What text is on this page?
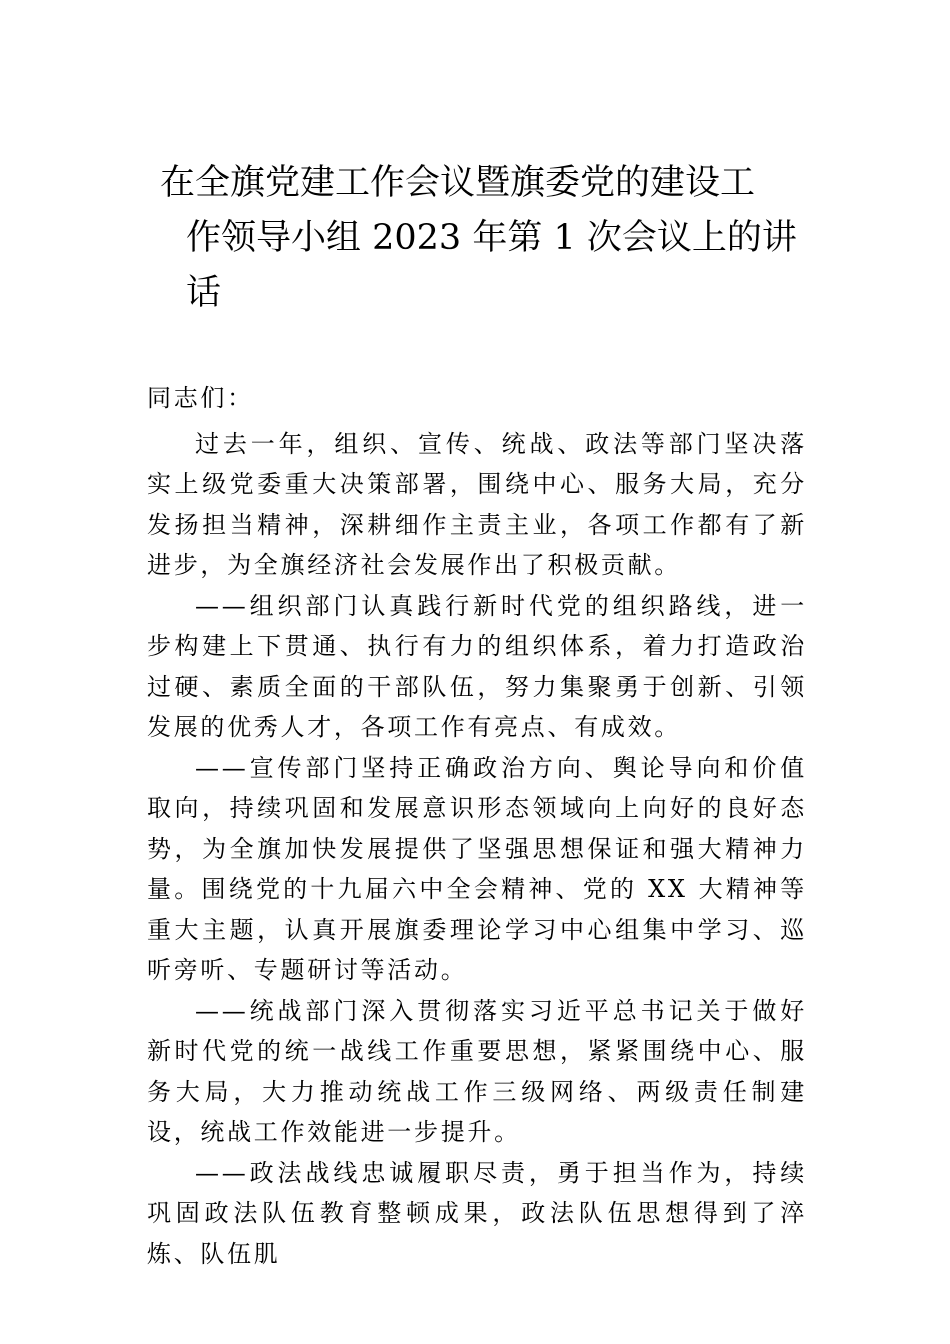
在全旗党建工作会议暨旗委党的建设工
作领导小组 2023 年第 1 次会议上的讲
话
同志们：

过去一年，组织、宣传、统战、政法等部门坚决落实上级党委重大决策部署，围绕中心、服务大局，充分发扬担当精神，深耕细作主责主业，各项工作都有了新进步，为全旗经济社会发展作出了积极贡献。

——组织部门认真践行新时代党的组织路线，进一步构建上下贯通、执行有力的组织体系，着力打造政治过硬、素质全面的干部队伍，努力集聚勇于创新、引领发展的优秀人才，各项工作有亮点、有成效。

——宣传部门坚持正确政治方向、舆论导向和价值取向，持续巩固和发展意识形态领域向上向好的良好态势，为全旗加快发展提供了坚强思想保证和强大精神力量。围绕党的十九届六中全会精神、党的 XX 大精神等重大主题，认真开展旗委理论学习中心组集中学习、巡听旁听、专题研讨等活动。

——统战部门深入贯彻落实习近平总书记关于做好新时代党的统一战线工作重要思想，紧紧围绕中心、服务大局，大力推动统战工作三级网络、两级责任制建设，统战工作效能进一步提升。

——政法战线忠诚履职尽责，勇于担当作为，持续巩固政法队伍教育整顿成果，政法队伍思想得到了淬炼、队伍肌
